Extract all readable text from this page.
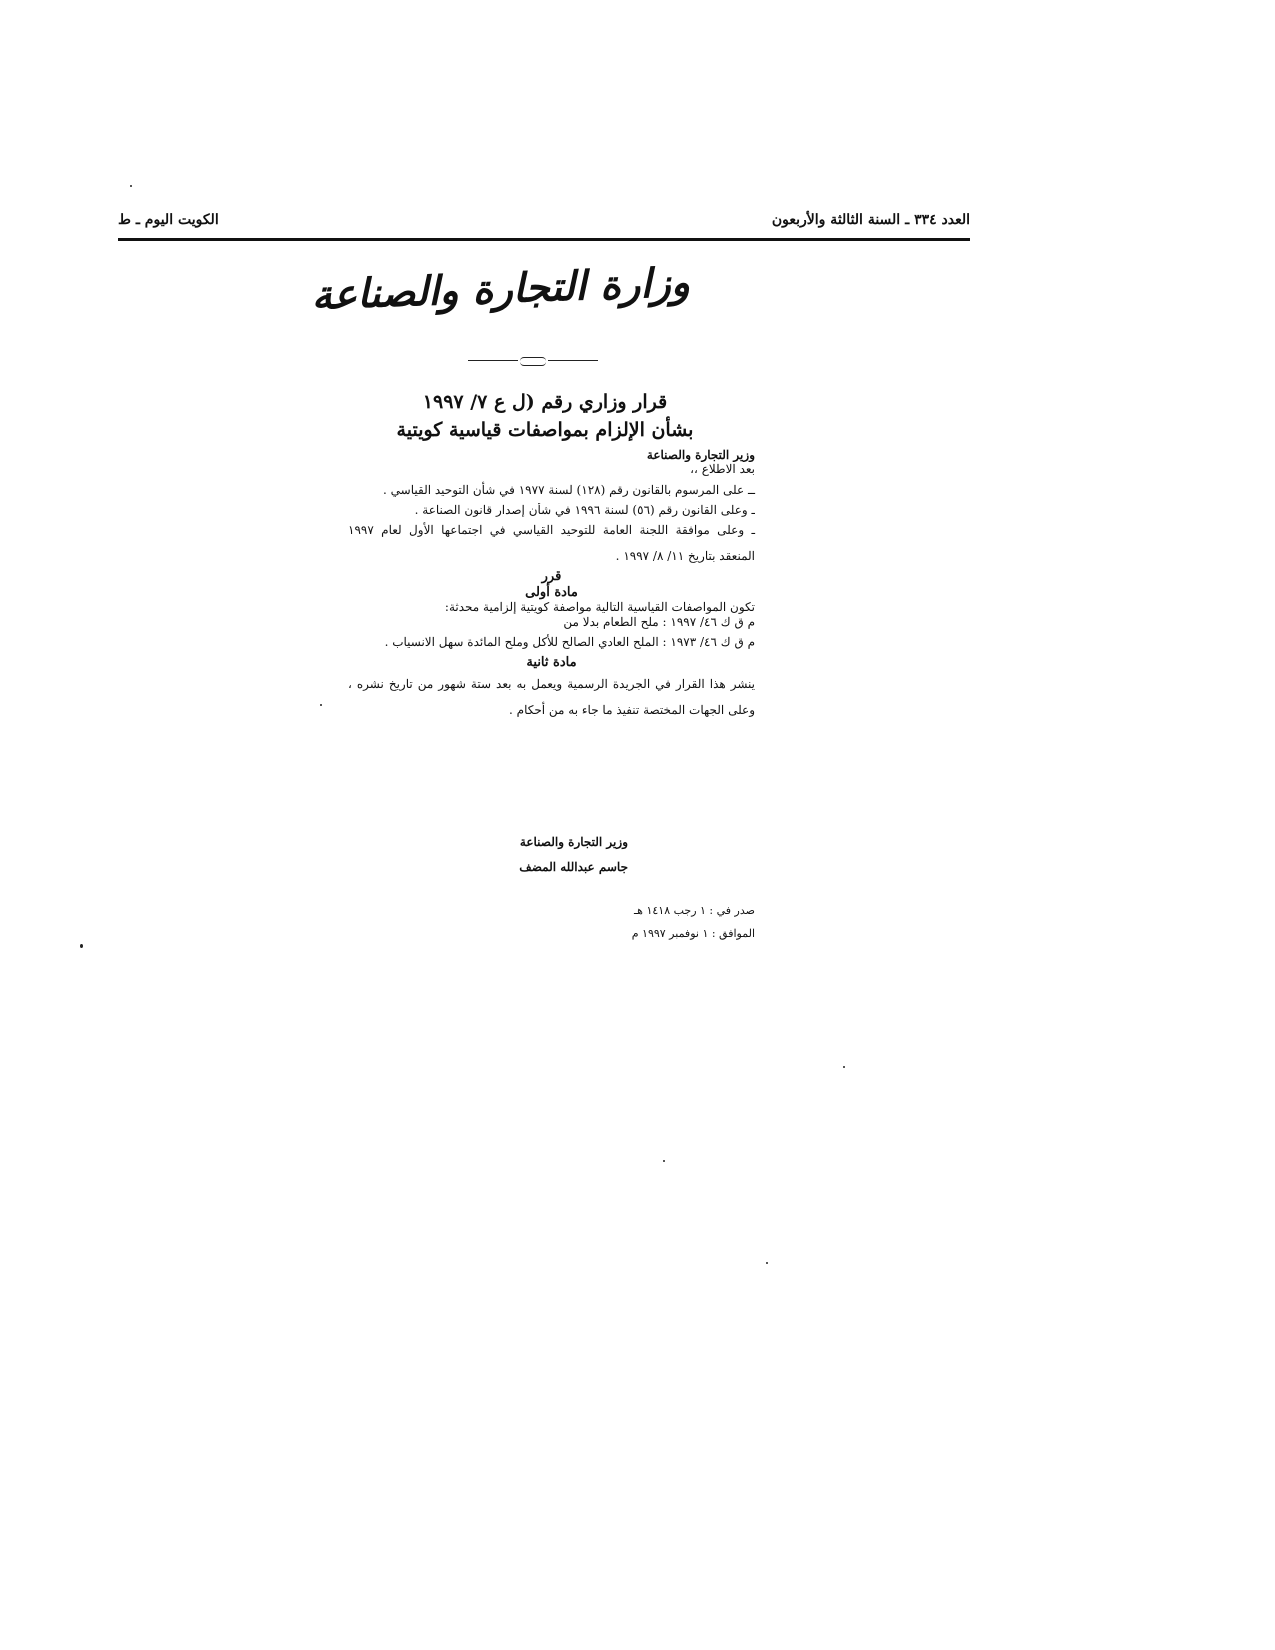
العدد ٣٣٤ ـ السنة الثالثة والأربعون
الكويت اليوم ـ ط
وزارة التجارة والصناعة
قرار وزاري رقم (ل ع ٧/ ١٩٩٧
بشأن الإلزام بمواصفات قياسية كويتية

وزير التجارة والصناعة

بعد الاطلاع ،،

ــ على المرسوم بالقانون رقم (١٢٨) لسنة ١٩٧٧ في شأن التوحيد القياسي .

ـ وعلى القانون رقم (٥٦) لسنة ١٩٩٦ في شأن إصدار قانون الصناعة .

ـ وعلى موافقة اللجنة العامة للتوحيد القياسي في اجتماعها الأول لعام ١٩٩٧ المنعقد بتاريخ ١١/ ٨/ ١٩٩٧ .

قرر

مادة أولى

تكون المواصفات القياسية التالية مواصفة كويتية إلزامية محدثة:

م ق ك ٤٦/ ١٩٩٧ : ملح الطعام بدلا من

م ق ك ٤٦/ ١٩٧٣ : الملح العادي الصالح للأكل وملح المائدة سهل الانسياب .

مادة ثانية

ينشر هذا القرار في الجريدة الرسمية ويعمل به بعد ستة شهور من تاريخ نشره ، وعلى الجهات المختصة تنفيذ ما جاء به من أحكام .

وزير التجارة والصناعة

جاسم عبدالله المضف

صدر في : ١ رجب ١٤١٨ هـ

الموافق : ١ نوفمبر ١٩٩٧ م
